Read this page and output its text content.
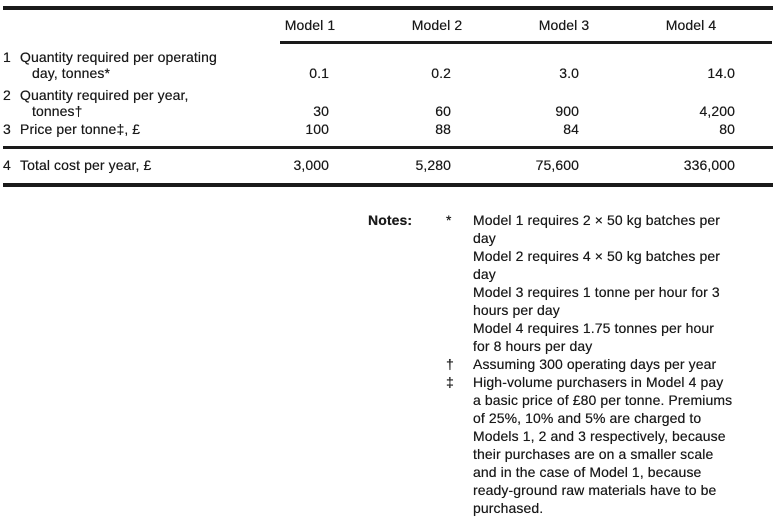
Model 1	Model 2	Model 3	Model 4
1 Quantity required per operating
day, tonnes*	0.1	0.2	3.0	14.0
2 Quantity required per year,
tonnes†	30	60	900	4,200
3 Price per tonne‡, £	100	88	84	80
4 Total cost per year, £	3,000	5,280	75,600	336,000
Notes:	*	Model 1 requires 2 × 50 kg batches per
day
Model 2 requires 4 × 50 kg batches per
day
Model 3 requires 1 tonne per hour for 3
hours per day
Model 4 requires 1.75 tonnes per hour
for 8 hours per day
†	Assuming 300 operating days per year
‡	High-volume purchasers in Model 4 pay
a basic price of £80 per tonne. Premiums
of 25%, 10% and 5% are charged to
Models 1, 2 and 3 respectively, because
their purchases are on a smaller scale
and in the case of Model 1, because
ready-ground raw materials have to be
purchased.
